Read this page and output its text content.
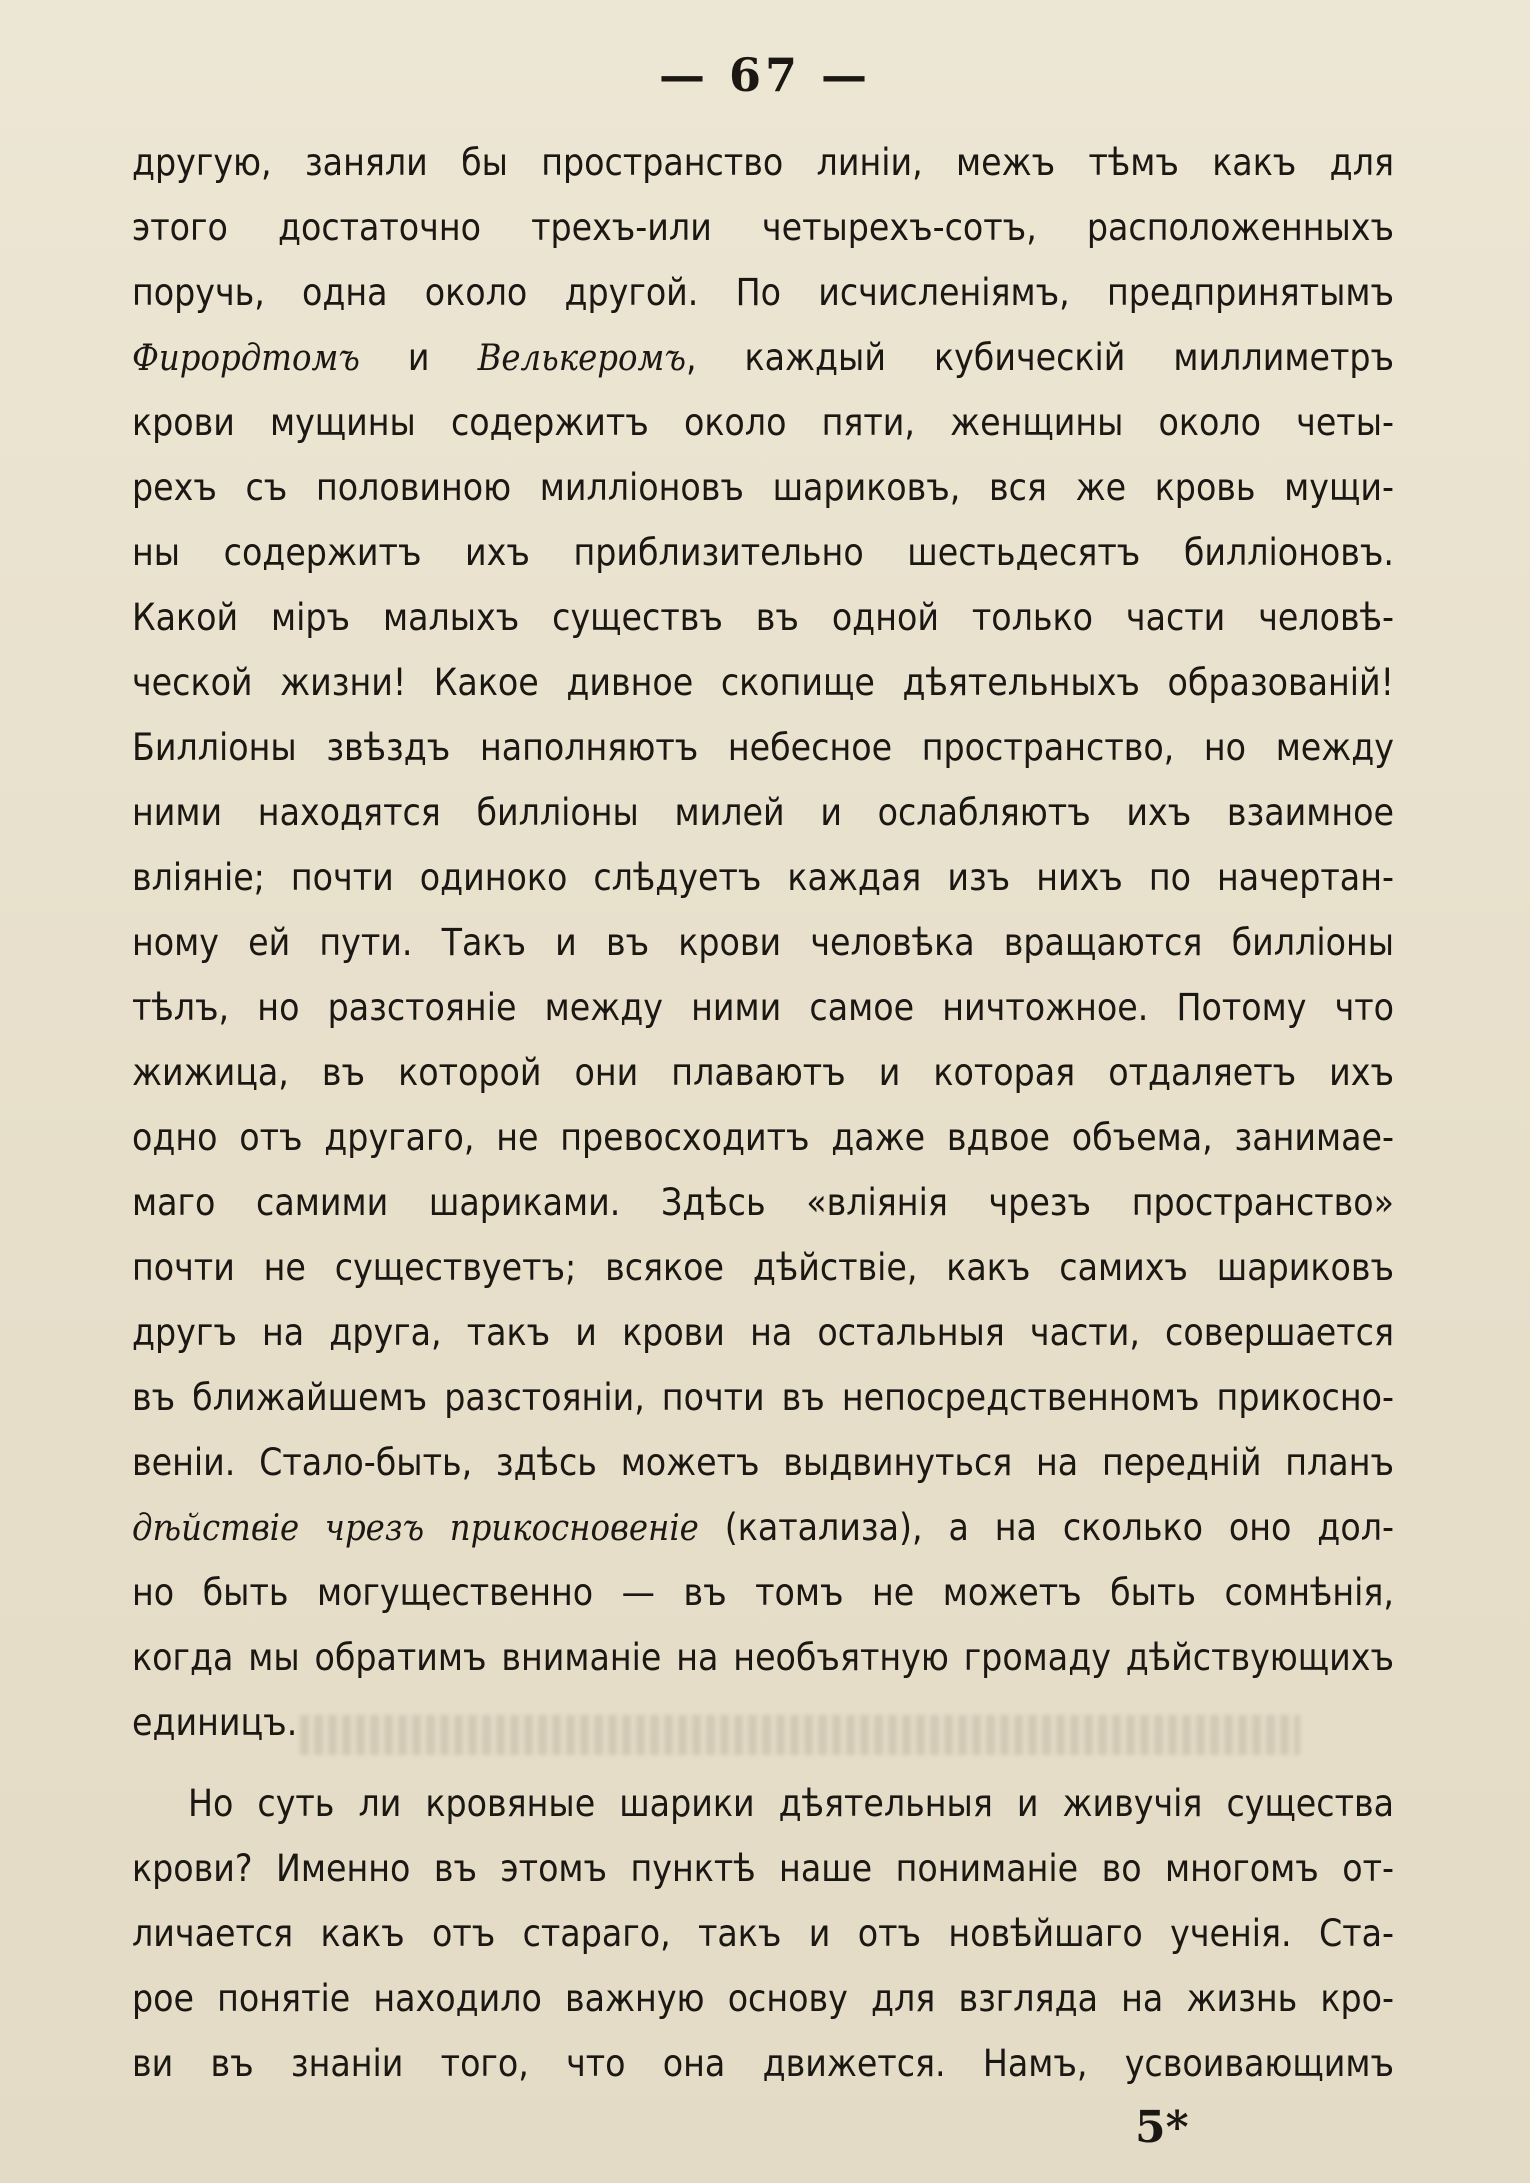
— 67 —
другую, заняли бы пространство линіи, межъ тѣмъ какъ для
этого достаточно трехъ-или четырехъ-сотъ, расположенныхъ
поручь, одна около другой. По исчисленіямъ, предпринятымъ
Фирордтомъ и Велькеромъ, каждый кубическій миллиметръ
крови мущины содержитъ около пяти, женщины около четы-
рехъ съ половиною милліоновъ шариковъ, вся же кровь мущи-
ны содержитъ ихъ приблизительно шестьдесятъ билліоновъ.
Какой міръ малыхъ существъ въ одной только части человѣ-
ческой жизни! Какое дивное скопище дѣятельныхъ образованій!
Билліоны звѣздъ наполняютъ небесное пространство, но между
ними находятся билліоны милей и ослабляютъ ихъ взаимное
вліяніе; почти одиноко слѣдуетъ каждая изъ нихъ по начертан-
ному ей пути. Такъ и въ крови человѣка вращаются билліоны
тѣлъ, но разстояніе между ними самое ничтожное. Потому что
жижица, въ которой они плаваютъ и которая отдаляетъ ихъ
одно отъ другаго, не превосходитъ даже вдвое объема, занимае-
маго самими шариками. Здѣсь «вліянія чрезъ пространство»
почти не существуетъ; всякое дѣйствіе, какъ самихъ шариковъ
другъ на друга, такъ и крови на остальныя части, совершается
въ ближайшемъ разстояніи, почти въ непосредственномъ прикосно-
веніи. Стало-быть, здѣсь можетъ выдвинуться на передній планъ
дѣйствіе чрезъ прикосновеніе (катализа), а на сколько оно дол-
но быть могущественно — въ томъ не можетъ быть сомнѣнія,
когда мы обратимъ вниманіе на необъятную громаду дѣйствующихъ
единицъ.
Но суть ли кровяные шарики дѣятельныя и живучія существа
крови? Именно въ этомъ пунктѣ наше пониманіе во многомъ от-
личается какъ отъ стараго, такъ и отъ новѣйшаго ученія. Ста-
рое понятіе находило важную основу для взгляда на жизнь кро-
ви въ знаніи того, что она движется. Намъ, усвоивающимъ
5*
